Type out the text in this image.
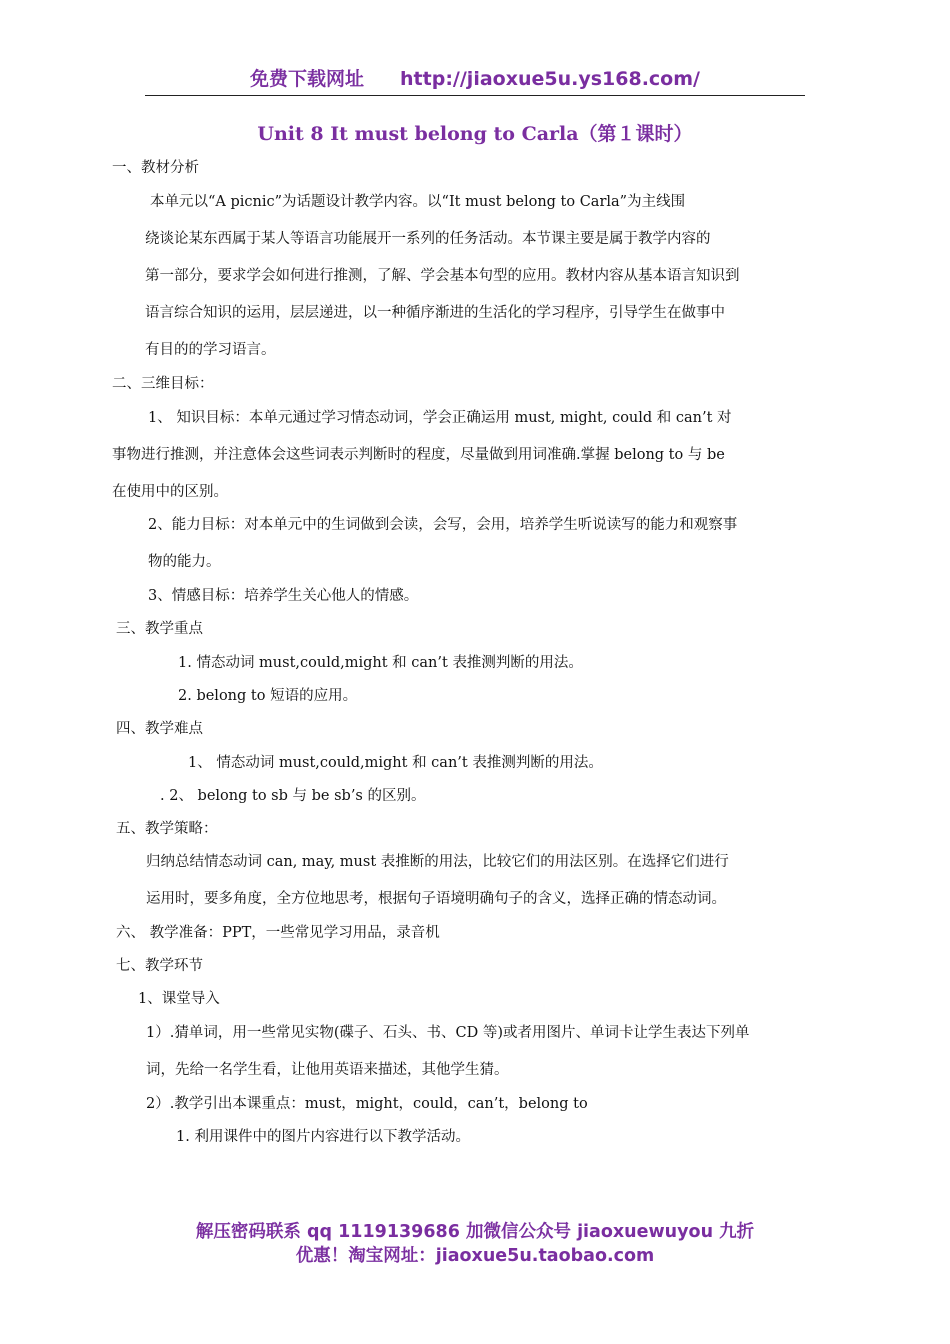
免费下载网址 http://jiaoxue5u.ys168.com/
Unit 8 It must belong to Carla（第１课时）
一、教材分析
本单元以“A picnic”为话题设计教学内容。以“It must belong to Carla”为主线围
绕谈论某东西属于某人等语言功能展开一系列的任务活动。本节课主要是属于教学内容的
第一部分，要求学会如何进行推测，了解、学会基本句型的应用。教材内容从基本语言知识到
语言综合知识的运用，层层递进，以一种循序渐进的生活化的学习程序，引导学生在做事中
有目的的学习语言。
二、三维目标：
1、 知识目标：本单元通过学习情态动词，学会正确运用 must, might, could 和 can’t 对
事物进行推测，并注意体会这些词表示判断时的程度，尽量做到用词准确.掌握 belong to 与 be
在使用中的区别。
2、能力目标：对本单元中的生词做到会读，会写，会用，培养学生听说读写的能力和观察事
物的能力。
3、情感目标：培养学生关心他人的情感。
三、教学重点
1. 情态动词 must,could,might 和 can’t 表推测判断的用法。
2. belong to 短语的应用。
四、教学难点
1、 情态动词 must,could,might 和 can’t 表推测判断的用法。
. 2、 belong to sb 与 be sb’s 的区别。
五、教学策略：
归纳总结情态动词 can, may, must 表推断的用法，比较它们的用法区别。在选择它们进行
运用时，要多角度，全方位地思考，根据句子语境明确句子的含义，选择正确的情态动词。
六、 教学准备：PPT，一些常见学习用品，录音机
七、教学环节
1、课堂导入
1）.猜单词，用一些常见实物(碟子、石头、书、CD 等)或者用图片、单词卡让学生表达下列单
词，先给一名学生看，让他用英语来描述，其他学生猜。
2）.教学引出本课重点：must，might，could，can’t，belong to
1. 利用课件中的图片内容进行以下教学活动。
解压密码联系 qq 1119139686 加微信公众号 jiaoxuewuyou 九折
优惠！淘宝网址：jiaoxue5u.taobao.com
